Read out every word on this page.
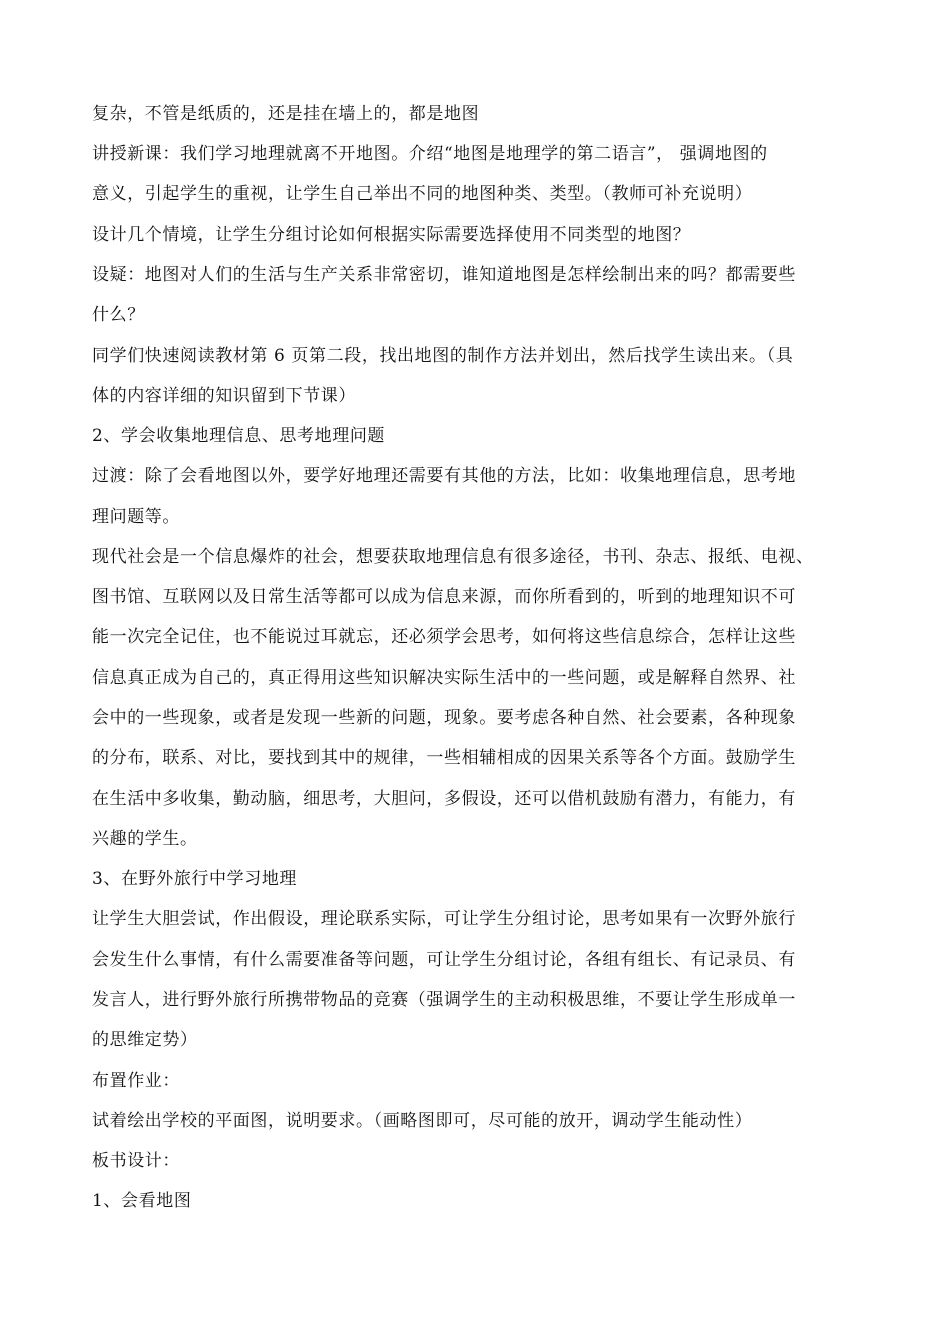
复杂，不管是纸质的，还是挂在墙上的，都是地图
讲授新课：我们学习地理就离不开地图。介绍“地图是地理学的第二语言”， 强调地图的
意义，引起学生的重视，让学生自己举出不同的地图种类、类型。（教师可补充说明）
设计几个情境，让学生分组讨论如何根据实际需要选择使用不同类型的地图？
设疑：地图对人们的生活与生产关系非常密切，谁知道地图是怎样绘制出来的吗？都需要些
什么？
同学们快速阅读教材第 6 页第二段，找出地图的制作方法并划出，然后找学生读出来。（具
体的内容详细的知识留到下节课）
2、学会收集地理信息、思考地理问题
过渡：除了会看地图以外，要学好地理还需要有其他的方法，比如：收集地理信息，思考地
理问题等。
现代社会是一个信息爆炸的社会，想要获取地理信息有很多途径，书刊、杂志、报纸、电视、
图书馆、互联网以及日常生活等都可以成为信息来源，而你所看到的，听到的地理知识不可
能一次完全记住，也不能说过耳就忘，还必须学会思考，如何将这些信息综合，怎样让这些
信息真正成为自己的，真正得用这些知识解决实际生活中的一些问题，或是解释自然界、社
会中的一些现象，或者是发现一些新的问题，现象。要考虑各种自然、社会要素，各种现象
的分布，联系、对比，要找到其中的规律，一些相辅相成的因果关系等各个方面。鼓励学生
在生活中多收集，勤动脑，细思考，大胆问，多假设，还可以借机鼓励有潜力，有能力，有
兴趣的学生。
3、在野外旅行中学习地理
让学生大胆尝试，作出假设，理论联系实际，可让学生分组讨论，思考如果有一次野外旅行
会发生什么事情，有什么需要准备等问题，可让学生分组讨论，各组有组长、有记录员、有
发言人，进行野外旅行所携带物品的竞赛（强调学生的主动积极思维，不要让学生形成单一
的思维定势）
布置作业：
试着绘出学校的平面图，说明要求。（画略图即可，尽可能的放开，调动学生能动性）
板书设计：
1、会看地图
